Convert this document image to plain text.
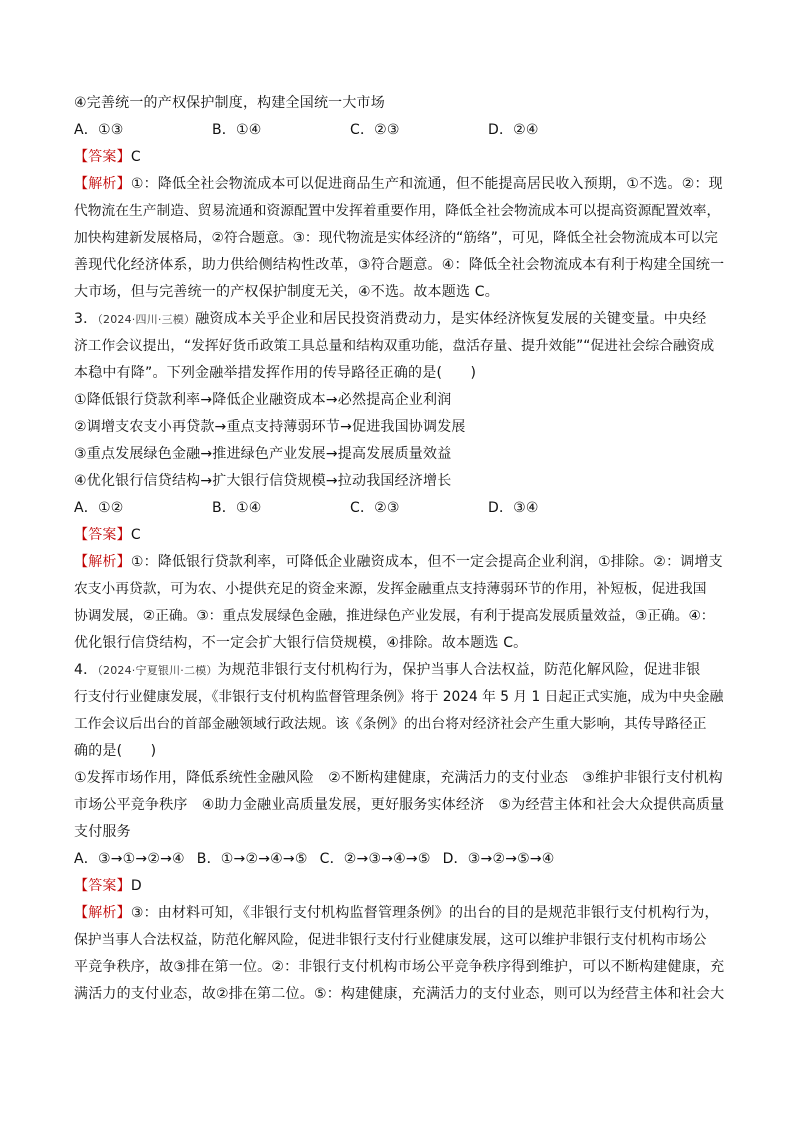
④完善统一的产权保护制度，构建全国统一大市场
A．①③	B．①④	C．②③	D．②④
【答案】C
【解析】①：降低全社会物流成本可以促进商品生产和流通，但不能提高居民收入预期，①不选。②：现
代物流在生产制造、贸易流通和资源配置中发挥着重要作用，降低全社会物流成本可以提高资源配置效率，
加快构建新发展格局，②符合题意。③：现代物流是实体经济的“筋络”，可见，降低全社会物流成本可以完
善现代化经济体系，助力供给侧结构性改革，③符合题意。④：降低全社会物流成本有利于构建全国统一
大市场，但与完善统一的产权保护制度无关，④不选。故本题选 C。
3．（2024·四川·三模）融资成本关乎企业和居民投资消费动力，是实体经济恢复发展的关键变量。中央经
济工作会议提出，“发挥好货币政策工具总量和结构双重功能，盘活存量、提升效能”“促进社会综合融资成
本稳中有降”。下列金融举措发挥作用的传导路径正确的是(　　)
①降低银行贷款利率→降低企业融资成本→必然提高企业利润
②调增支农支小再贷款→重点支持薄弱环节→促进我国协调发展
③重点发展绿色金融→推进绿色产业发展→提高发展质量效益
④优化银行信贷结构→扩大银行信贷规模→拉动我国经济增长
A．①②	B．①④	C．②③	D．③④
【答案】C
【解析】①：降低银行贷款利率，可降低企业融资成本，但不一定会提高企业利润，①排除。②：调增支
农支小再贷款，可为农、小提供充足的资金来源，发挥金融重点支持薄弱环节的作用，补短板，促进我国
协调发展，②正确。③：重点发展绿色金融，推进绿色产业发展，有利于提高发展质量效益，③正确。④：
优化银行信贷结构，不一定会扩大银行信贷规模，④排除。故本题选 C。
4．（2024·宁夏银川·二模）为规范非银行支付机构行为，保护当事人合法权益，防范化解风险，促进非银
行支付行业健康发展，《非银行支付机构监督管理条例》将于 2024 年 5 月 1 日起正式实施，成为中央金融
工作会议后出台的首部金融领域行政法规。该《条例》的出台将对经济社会产生重大影响，其传导路径正
确的是(　　)
①发挥市场作用，降低系统性金融风险　②不断构建健康，充满活力的支付业态　③维护非银行支付机构
市场公平竞争秩序　④助力金融业高质量发展，更好服务实体经济　⑤为经营主体和社会大众提供高质量
支付服务
A．③→①→②→④ B．①→②→④→⑤ C．②→③→④→⑤ D．③→②→⑤→④
【答案】D
【解析】③：由材料可知，《非银行支付机构监督管理条例》的出台的目的是规范非银行支付机构行为，
保护当事人合法权益，防范化解风险，促进非银行支付行业健康发展，这可以维护非银行支付机构市场公
平竞争秩序，故③排在第一位。②：非银行支付机构市场公平竞争秩序得到维护，可以不断构建健康，充
满活力的支付业态，故②排在第二位。⑤：构建健康，充满活力的支付业态，则可以为经营主体和社会大
